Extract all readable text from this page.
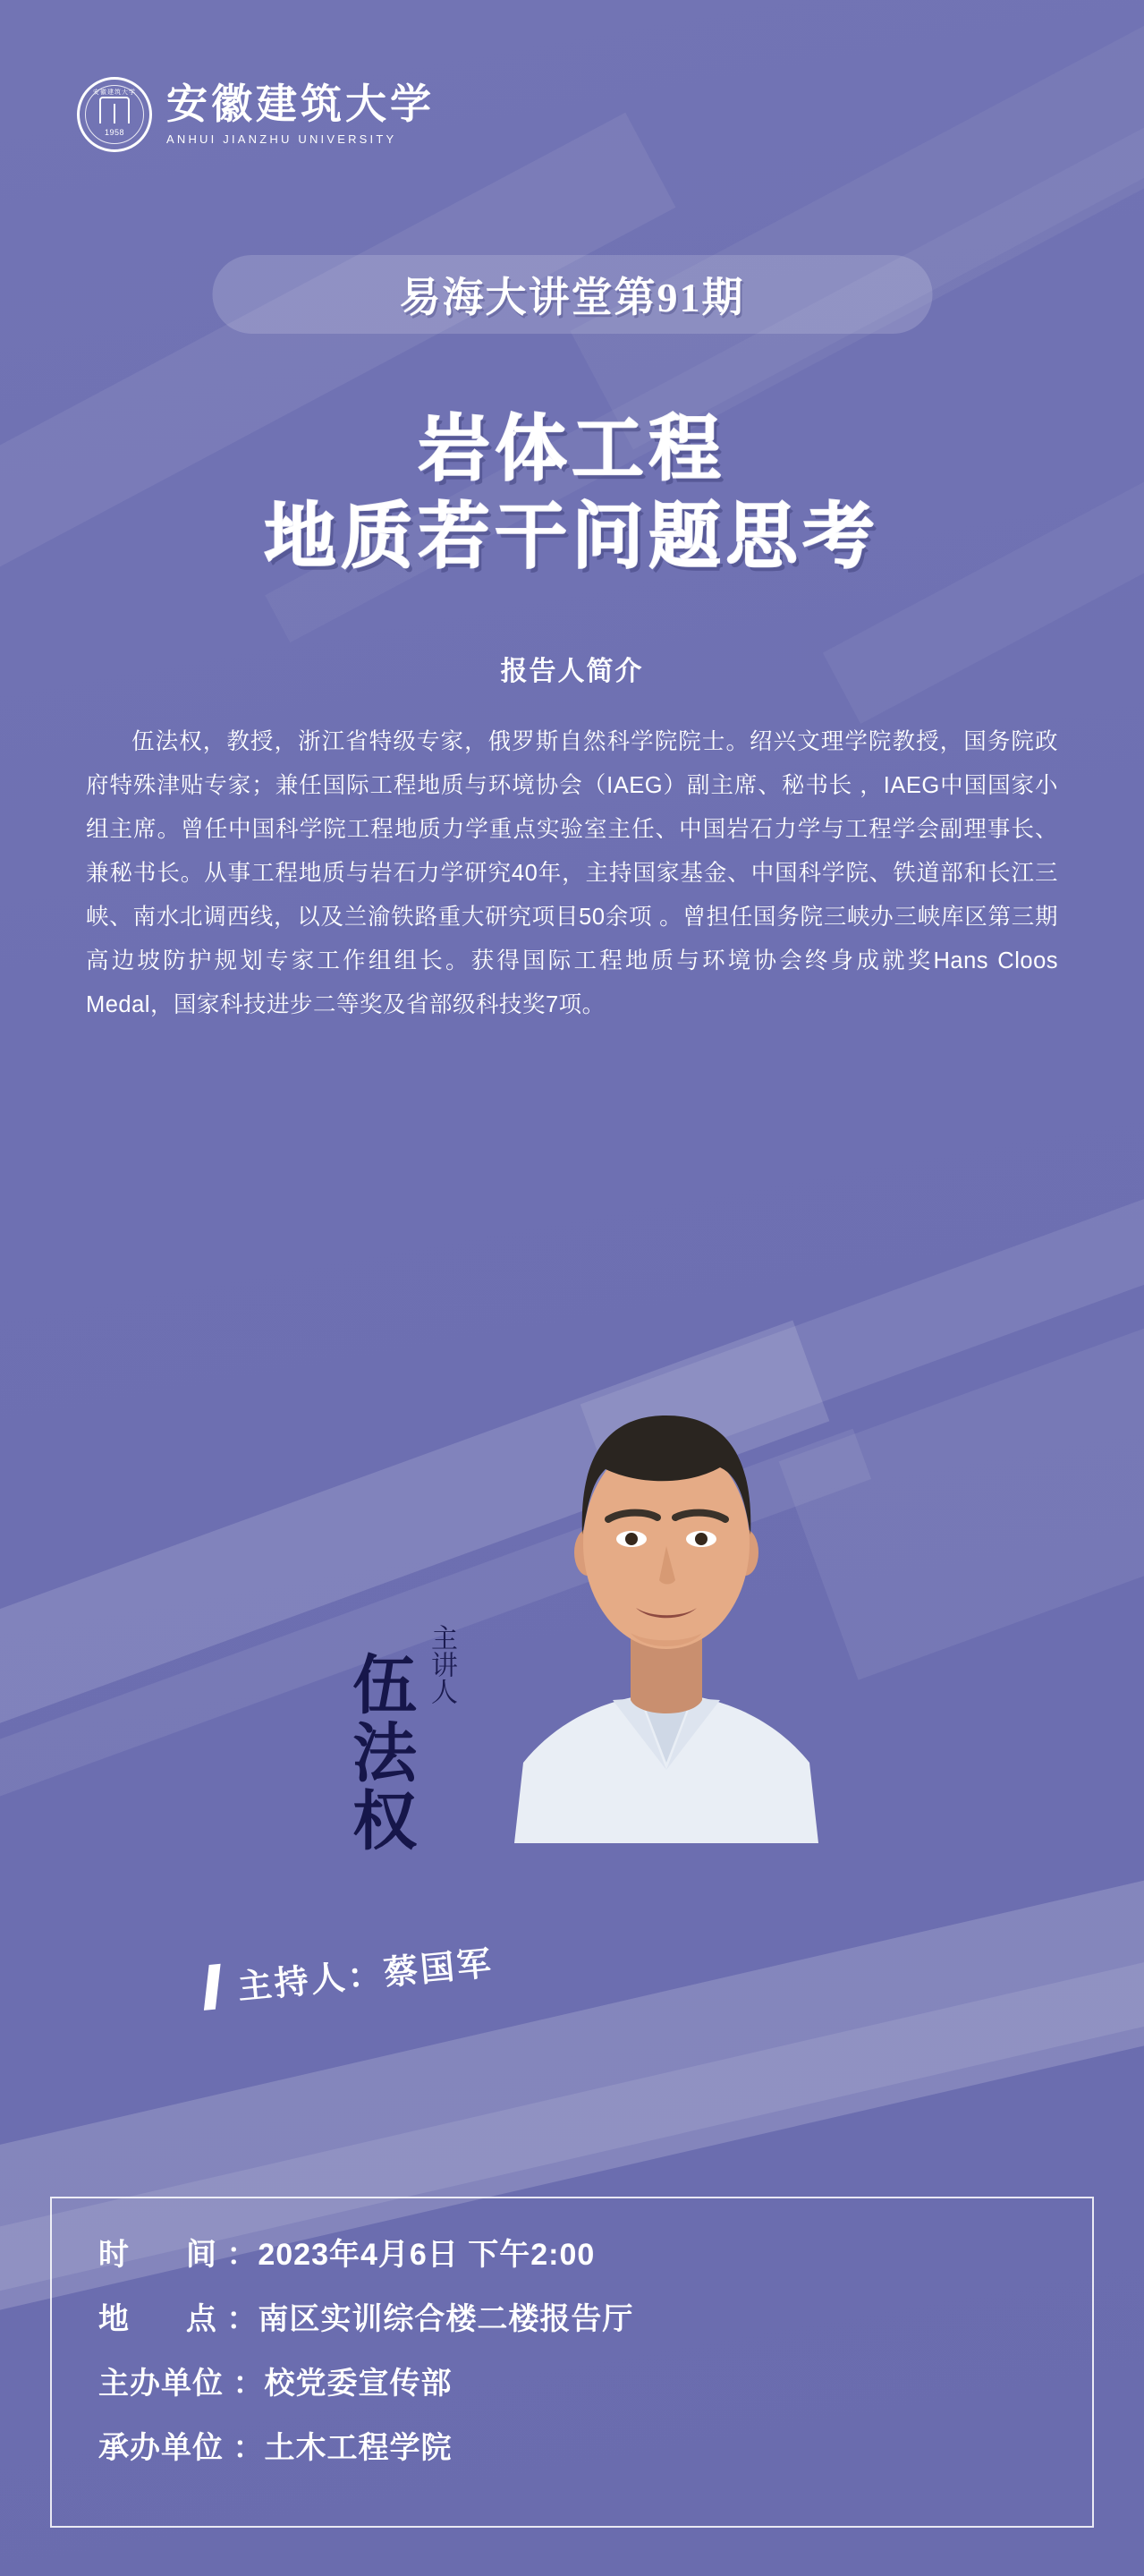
安徽建筑大学
1958
安徽建筑大学
ANHUI JIANZHU UNIVERSITY
易海大讲堂第91期
岩体工程
地质若干问题思考
报告人简介
伍法权，教授，浙江省特级专家，俄罗斯自然科学院院士。绍兴文理学院教授，国务院政府特殊津贴专家；兼任国际工程地质与环境协会（IAEG）副主席、秘书长 ，IAEG中国国家小组主席。曾任中国科学院工程地质力学重点实验室主任、中国岩石力学与工程学会副理事长、兼秘书长。从事工程地质与岩石力学研究40年，主持国家基金、中国科学院、铁道部和长江三峡、南水北调西线，以及兰渝铁路重大研究项目50余项 。曾担任国务院三峡办三峡库区第三期高边坡防护规划专家工作组组长。获得国际工程地质与环境协会终身成就奖Hans Cloos Medal，国家科技进步二等奖及省部级科技奖7项。
主讲人
伍法权
主持人：蔡国军
时 间 ：2023年4月6日 下午2:00
地 点 ：南区实训综合楼二楼报告厅
主办单位 ：校党委宣传部
承办单位 ：土木工程学院
